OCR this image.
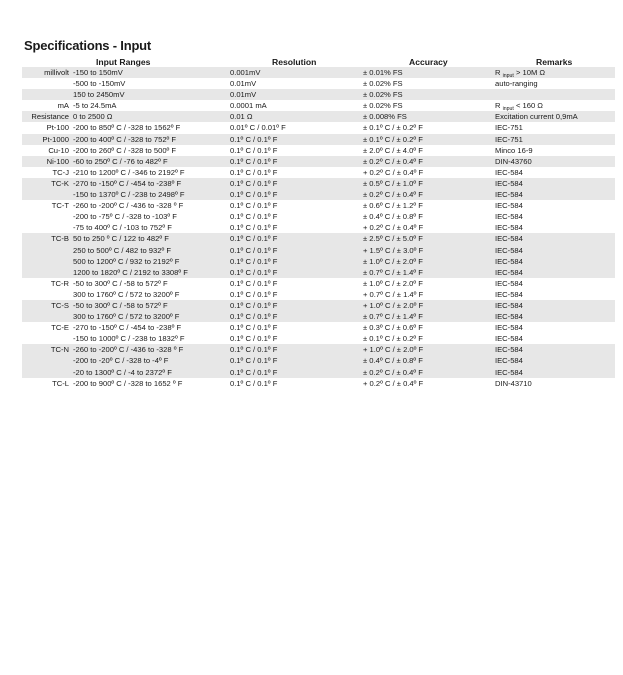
Specifications - Input
Input Ranges	Resolution	Accuracy	Remarks
millivolt -150 to 150mV	0.001mV	± 0.01% FS	R $_{input}$ > 10M Ω
-500 to -150mV	0.01mV	± 0.02% FS	auto-ranging
150 to 2450mV	0.01mV	± 0.02% FS
mA -5 to 24.5mA	0.0001 mA	± 0.02% FS	R $_{input}$ < 160 Ω
Resistance 0 to 2500 Ω	0.01 Ω	± 0.008% FS	Excitation current 0,9mA
Pt-100 -200 to 850º C / -328 to 1562º F	0.01º C / 0.01º F	± 0.1º C / ± 0.2º F	IEC-751
Pt-1000 -200 to 400º C / -328 to 752º F	0.1º C / 0.1º F	± 0.1º C / ± 0.2º F	IEC-751
Cu-10 -200 to 260º C / -328 to 500º F	0.1º C / 0.1º F	± 2.0º C / ± 4.0º F	Minco 16-9
Ni-100 -60 to 250º C / -76 to 482º F	0.1º C / 0.1º F	± 0.2º C / ± 0.4º F	DIN-43760
TC-J -210 to 1200º C / -346 to 2192º F	0.1º C / 0.1º F	+ 0.2º C / ± 0.4º F	IEC-584
TC-K -270 to -150º C / -454 to -238º F	0.1º C / 0.1º F	± 0.5º C / ± 1.0º F	IEC-584
-150 to 1370º C / -238 to 2498º F	0.1º C / 0.1º F	± 0.2º C / ± 0.4º F	IEC-584
TC-T -260 to -200º C / -436 to -328 º F	0.1º C / 0.1º F	± 0.6º C / ± 1.2º F	IEC-584
-200 to -75º C / -328 to -103º F	0.1º C / 0.1º F	± 0.4º C / ± 0.8º F	IEC-584
-75 to 400º C / -103 to 752º F	0.1º C / 0.1º F	+ 0.2º C / ± 0.4º F	IEC-584
TC-B 50 to 250 º C / 122 to 482º F	0.1º C / 0.1º F	± 2.5º C / ± 5.0º F	IEC-584
250 to 500º C / 482 to 932º F	0.1º C / 0.1º F	+ 1.5º C / ± 3.0º F	IEC-584
500 to 1200º C / 932 to 2192º F	0.1º C / 0.1º F	± 1.0º C / ± 2.0º F	IEC-584
1200 to 1820º C / 2192 to 3308º F	0.1º C / 0.1º F	± 0.7º C / ± 1.4º F	IEC-584
TC-R -50 to 300º C / -58 to 572º F	0.1º C / 0.1º F	± 1.0º C / ± 2.0º F	IEC-584
300 to 1760º C / 572 to 3200º F	0.1º C / 0.1º F	+ 0.7º C / ± 1.4º F	IEC-584
TC-S -50 to 300º C / -58 to 572º F	0.1º C / 0.1º F	+ 1.0º C / ± 2.0º F	IEC-584
300 to 1760º C / 572 to 3200º F	0.1º C / 0.1º F	± 0.7º C / ± 1.4º F	IEC-584
TC-E -270 to -150º C / -454 to -238º F	0.1º C / 0.1º F	± 0.3º C / ± 0.6º F	IEC-584
-150 to 1000º C / -238 to 1832º F	0.1º C / 0.1º F	± 0.1º C / ± 0.2º F	IEC-584
TC-N -260 to -200º C / -436 to -328 º F	0.1º C / 0.1º F	+ 1.0º C / ± 2.0º F	IEC-584
-200 to -20º C / -328 to -4º F	0.1º C / 0.1º F	± 0.4º C / ± 0.8º F	IEC-584
-20 to 1300º C / -4 to 2372º F	0.1º C / 0.1º F	± 0.2º C / ± 0.4º F	IEC-584
TC-L -200 to 900º C / -328 to 1652 º F	0.1º C / 0.1º F	+ 0.2º C / ± 0.4º F	DIN-43710
